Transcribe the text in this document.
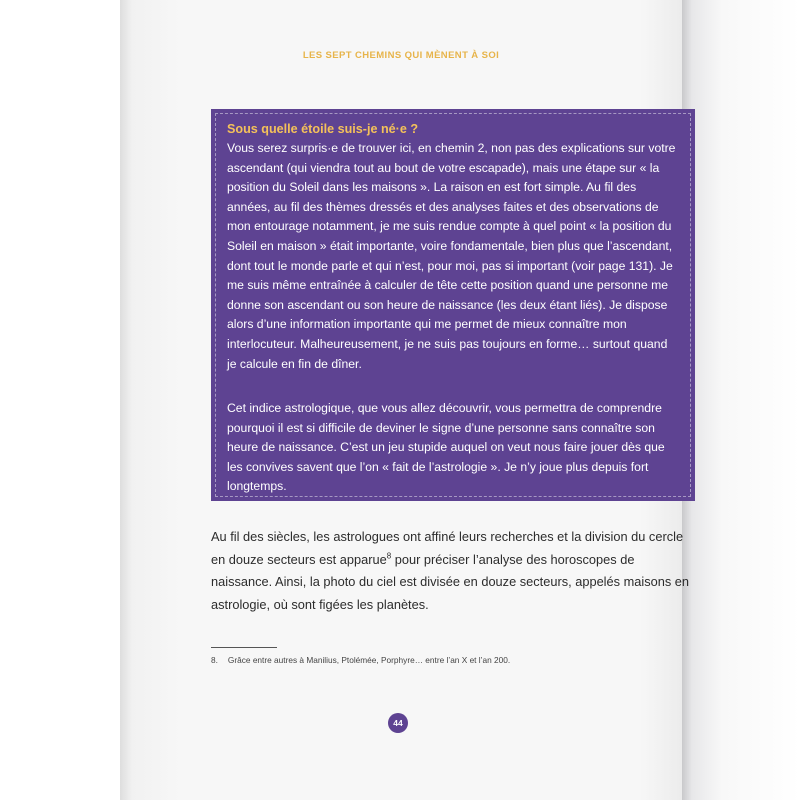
LES SEPT CHEMINS QUI MÈNENT À SOI

Sous quelle étoile suis-je né·e ?

Vous serez surpris·e de trouver ici, en chemin 2, non pas des explications sur votre ascendant (qui viendra tout au bout de votre escapade), mais une étape sur « la position du Soleil dans les maisons ». La raison en est fort simple. Au fil des années, au fil des thèmes dressés et des analyses faites et des observations de mon entourage notamment, je me suis rendue compte à quel point « la position du Soleil en maison » était importante, voire fondamentale, bien plus que l’ascendant, dont tout le monde parle et qui n’est, pour moi, pas si important (voir page 131). Je me suis même entraînée à calculer de tête cette position quand une personne me donne son ascendant ou son heure de naissance (les deux étant liés). Je dispose alors d’une information importante qui me permet de mieux connaître mon interlocuteur. Malheureusement, je ne suis pas toujours en forme… surtout quand je calcule en fin de dîner.

Cet indice astrologique, que vous allez découvrir, vous permettra de comprendre pourquoi il est si difficile de deviner le signe d’une personne sans connaître son heure de naissance. C’est un jeu stupide auquel on veut nous faire jouer dès que les convives savent que l’on « fait de l’astrologie ». Je n’y joue plus depuis fort longtemps.

Au fil des siècles, les astrologues ont affiné leurs recherches et la division du cercle en douze secteurs est apparue$^8$ pour préciser l’analyse des horoscopes de naissance. Ainsi, la photo du ciel est divisée en douze secteurs, appelés maisons en astrologie, où sont figées les planètes.

8. Grâce entre autres à Manilius, Ptolémée, Porphyre… entre l’an X et l’an 200.

44
